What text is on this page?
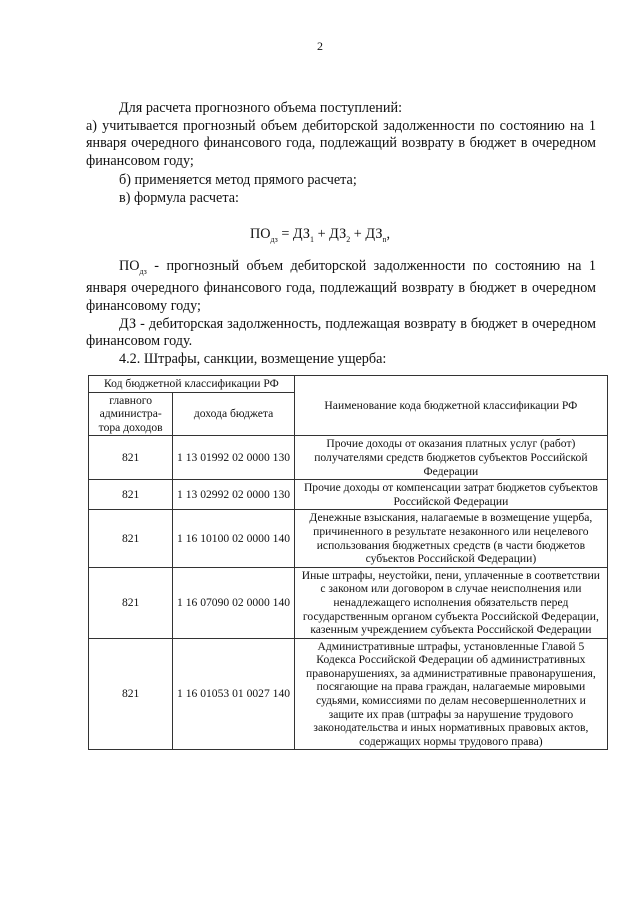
2

Для расчета прогнозного объема поступлений:

а) учитывается прогнозный объем дебиторской задолженности по состоянию на 1 января очередного финансового года, подлежащий возврату в бюджет в очередном финансовом году;

б) применяется метод прямого расчета;

в) формула расчета:

$ПО_{дз} = ДЗ_1 + ДЗ_2 + ДЗ_n$,

$ПО_{дз}$ - прогнозный объем дебиторской задолженности по состоянию на 1 января очередного финансового года, подлежащий возврату в бюджет в очередном финансовому году;

ДЗ - дебиторская задолженность, подлежащая возврату в бюджет в очередном финансовом году.

4.2. Штрафы, санкции, возмещение ущерба:

Код бюджетной классификации РФ		Наименование кода бюджетной классификации РФ
главного администра-тора доходов	дохода бюджета	
821	1 13 01992 02 0000 130	Прочие доходы от оказания платных услуг (работ) получателями средств бюджетов субъектов Российской Федерации
821	1 13 02992 02 0000 130	Прочие доходы от компенсации затрат бюджетов субъектов Российской Федерации
821	1 16 10100 02 0000 140	Денежные взыскания, налагаемые в возмещение ущерба, причиненного в результате незаконного или нецелевого использования бюджетных средств (в части бюджетов субъектов Российской Федерации)
821	1 16 07090 02 0000 140	Иные штрафы, неустойки, пени, уплаченные в соответствии с законом или договором в случае неисполнения или ненадлежащего исполнения обязательств перед государственным органом субъекта Российской Федерации, казенным учреждением субъекта Российской Федерации
821	1 16 01053 01 0027 140	Административные штрафы, установленные Главой 5 Кодекса Российской Федерации об административных правонарушениях, за административные правонарушения, посягающие на права граждан, налагаемые мировыми судьями, комиссиями по делам несовершеннолетних и защите их прав (штрафы за нарушение трудового законодательства и иных нормативных правовых актов, содержащих нормы трудового права)
